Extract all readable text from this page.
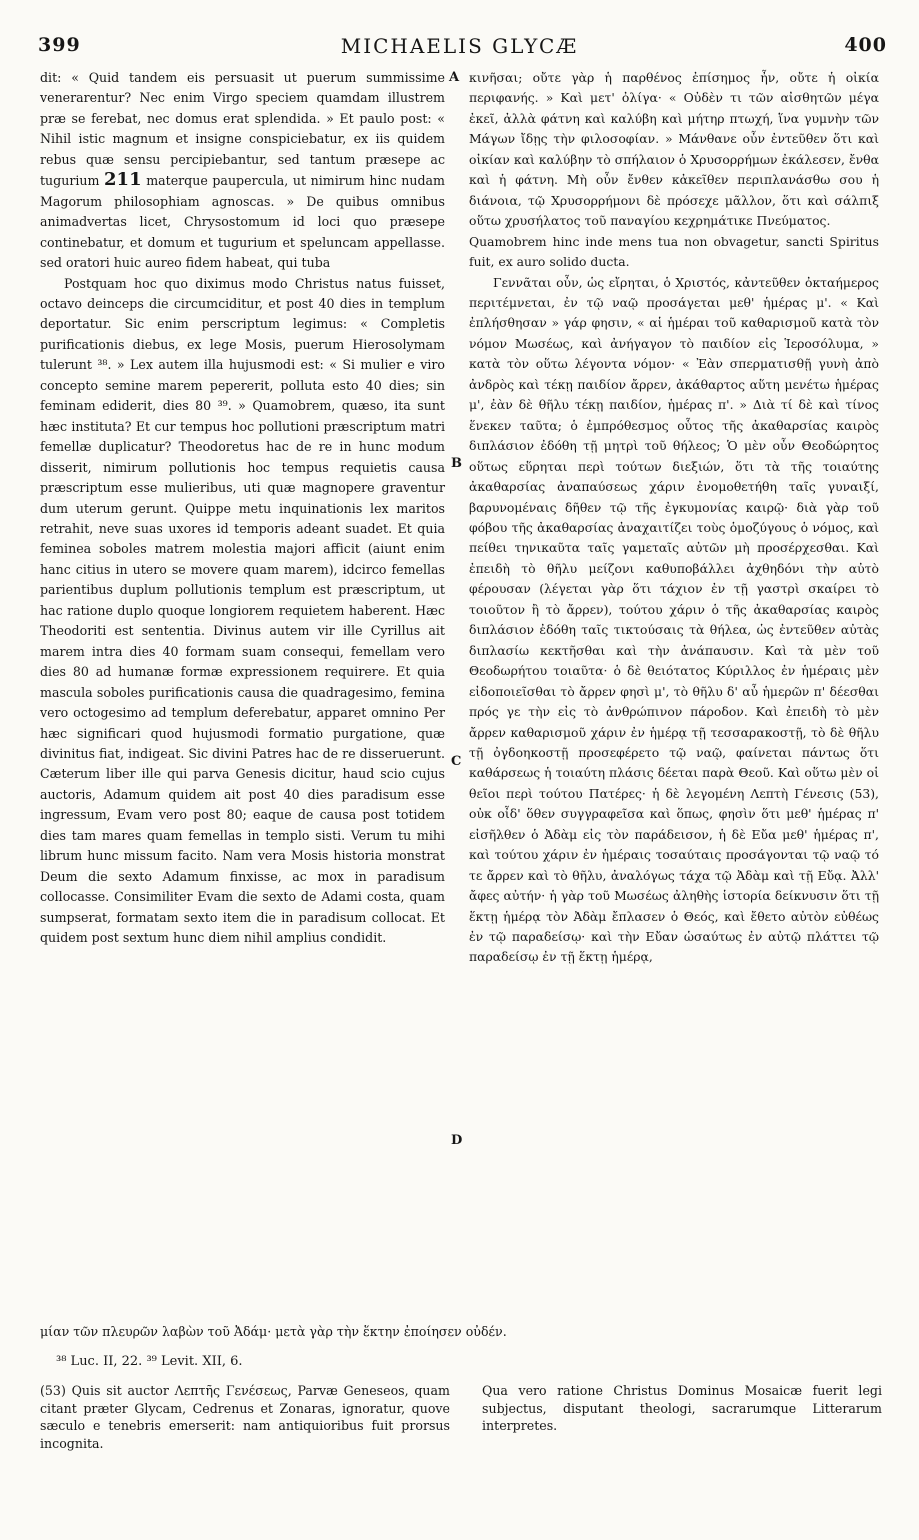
399	MICHAELIS GLYCÆ	400
A
B
C
D

dit: « Quid tandem eis persuasit ut puerum summissime venerarentur? Nec enim Virgo speciem quamdam illustrem præ se ferebat, nec domus erat splendida. » Et paulo post: « Nihil istic magnum et insigne conspiciebatur, ex iis quidem rebus quæ sensu percipiebantur, sed tantum præsepe ac tugurium 211 materque paupercula, ut nimirum hinc nudam Magorum philosophiam agnoscas. » De quibus omnibus animadvertas licet, Chrysostomum id loci quo præsepe continebatur, et domum et tugurium et speluncam appellasse. sed oratori huic aureo fidem habeat, qui tuba

Postquam hoc quo diximus modo Christus natus fuisset, octavo deinceps die circumciditur, et post 40 dies in templum deportatur. Sic enim perscriptum legimus: « Completis purificationis diebus, ex lege Mosis, puerum Hierosolymam tulerunt ³⁸. » Lex autem illa hujusmodi est: « Si mulier e viro concepto semine marem pepererit, polluta esto 40 dies; sin feminam ediderit, dies 80 ³⁹. » Quamobrem, quæso, ita sunt hæc instituta? Et cur tempus hoc pollutioni præscriptum matri femellæ duplicatur? Theodoretus hac de re in hunc modum disserit, nimirum pollutionis hoc tempus requietis causa præscriptum esse mulieribus, uti quæ magnopere graventur dum uterum gerunt. Quippe metu inquinationis lex maritos retrahit, neve suas uxores id temporis adeant suadet. Et quia feminea soboles matrem molestia majori afficit (aiunt enim hanc citius in utero se movere quam marem), idcirco femellas parientibus duplum pollutionis templum est præscriptum, ut hac ratione duplo quoque longiorem requietem haberent. Hæc Theodoriti est sententia. Divinus autem vir ille Cyrillus ait marem intra dies 40 formam suam consequi, femellam vero dies 80 ad humanæ formæ expressionem requirere. Et quia mascula soboles purificationis causa die quadragesimo, femina vero octogesimo ad templum deferebatur, apparet omnino Per hæc significari quod hujusmodi formatio purgatione, quæ divinitus fiat, indigeat. Sic divini Patres hac de re disseruerunt. Cæterum liber ille qui parva Genesis dicitur, haud scio cujus auctoris, Adamum quidem ait post 40 dies paradisum esse ingressum, Evam vero post 80; eaque de causa post totidem dies tam mares quam femellas in templo sisti. Verum tu mihi librum hunc missum facito. Nam vera Mosis historia monstrat Deum die sexto Adamum finxisse, ac mox in paradisum collocasse. Consimiliter Evam die sexto de Adami costa, quam sumpserat, formatam sexto item die in paradisum collocat. Et quidem post sextum hunc diem nihil amplius condidit.

κινῆσαι; οὔτε γὰρ ἡ παρθένος ἐπίσημος ἦν, οὔτε ἡ οἰκία περιφανής. » Καὶ μετ' ὀλίγα· « Οὐδὲν τι τῶν αἰσθητῶν μέγα ἐκεῖ, ἀλλὰ φάτνη καὶ καλύβη καὶ μήτηρ πτωχή, ἵνα γυμνὴν τῶν Μάγων ἴδῃς τὴν φιλοσοφίαν. » Μάνθανε οὖν ἐντεῦθεν ὅτι καὶ οἰκίαν καὶ καλύβην τὸ σπήλαιον ὁ Χρυσορρήμων ἐκάλεσεν, ἔνθα καὶ ἡ φάτνη. Μὴ οὖν ἔνθεν κἀκεῖθεν περιπλανάσθω σου ἡ διάνοια, τῷ Χρυσορρήμονι δὲ πρόσεχε μᾶλλον, ὅτι καὶ σάλπιξ οὕτω χρυσήλατος τοῦ παναγίου κεχρημάτικε Πνεύματος.

Quamobrem hinc inde mens tua non obvagetur, sancti Spiritus fuit, ex auro solido ducta.

Γεννᾶται οὖν, ὡς εἴρηται, ὁ Χριστός, κἀντεῦθεν ὀκταήμερος περιτέμνεται, ἐν τῷ ναῷ προσάγεται μεθ' ἡμέρας μ'. « Καὶ ἐπλήσθησαν » γάρ φησιν, « αἱ ἡμέραι τοῦ καθαρισμοῦ κατὰ τὸν νόμον Μωσέως, καὶ ἀνήγαγον τὸ παιδίον εἰς Ἱεροσόλυμα, » κατὰ τὸν οὕτω λέγοντα νόμον· « Ἐὰν σπερματισθῇ γυνὴ ἀπὸ ἀνδρὸς καὶ τέκῃ παιδίον ἄρρεν, ἀκάθαρτος αὕτη μενέτω ἡμέρας μ', ἐὰν δὲ θῆλυ τέκῃ παιδίον, ἡμέρας π'. » Διὰ τί δὲ καὶ τίνος ἕνεκεν ταῦτα; ὁ ἐμπρόθεσμος οὗτος τῆς ἀκαθαρσίας καιρὸς διπλάσιον ἐδόθη τῇ μητρὶ τοῦ θήλεος; Ὁ μὲν οὖν Θεοδώρητος οὕτως εὕρηται περὶ τούτων διεξιών, ὅτι τὰ τῆς τοιαύτης ἀκαθαρσίας ἀναπαύσεως χάριν ἐνομοθετήθη ταῖς γυναιξί, βαρυνομέναις δῆθεν τῷ τῆς ἐγκυμονίας καιρῷ· διὰ γὰρ τοῦ φόβου τῆς ἀκαθαρσίας ἀναχαιτίζει τοὺς ὁμοζύγους ὁ νόμος, καὶ πείθει τηνικαῦτα ταῖς γαμεταῖς αὐτῶν μὴ προσέρχεσθαι. Καὶ ἐπειδὴ τὸ θῆλυ μείζονι καθυποβάλλει ἀχθηδόνι τὴν αὐτὸ φέρουσαν (λέγεται γὰρ ὅτι τάχιον ἐν τῇ γαστρὶ σκαίρει τὸ τοιοῦτον ἢ τὸ ἄρρεν), τούτου χάριν ὁ τῆς ἀκαθαρσίας καιρὸς διπλάσιον ἐδόθη ταῖς τικτούσαις τὰ θήλεα, ὡς ἐντεῦθεν αὐτὰς διπλασίω κεκτῆσθαι καὶ τὴν ἀνάπαυσιν. Καὶ τὰ μὲν τοῦ Θεοδωρήτου τοιαῦτα· ὁ δὲ θειότατος Κύριλλος ἐν ἡμέραις μὲν εἰδοποιεῖσθαι τὸ ἄρρεν φησὶ μ', τὸ θῆλυ δ' αὖ ἡμερῶν π' δέεσθαι πρός γε τὴν εἰς τὸ ἀνθρώπινον πάροδον. Καὶ ἐπειδὴ τὸ μὲν ἄρρεν καθαρισμοῦ χάριν ἐν ἡμέρᾳ τῇ τεσσαρακοστῇ, τὸ δὲ θῆλυ τῇ ὀγδοηκοστῇ προσεφέρετο τῷ ναῷ, φαίνεται πάντως ὅτι καθάρσεως ἡ τοιαύτη πλάσις δέεται παρὰ Θεοῦ. Καὶ οὕτω μὲν οἱ θεῖοι περὶ τούτου Πατέρες· ἡ δὲ λεγομένη Λεπτὴ Γένεσις (53), οὐκ οἶδ' ὅθεν συγγραφεῖσα καὶ ὅπως, φησὶν ὅτι μεθ' ἡμέρας π' εἰσῆλθεν ὁ Ἀδὰμ εἰς τὸν παράδεισον, ἡ δὲ Εὔα μεθ' ἡμέρας π', καὶ τούτου χάριν ἐν ἡμέραις τοσαύταις προσάγονται τῷ ναῷ τό τε ἄρρεν καὶ τὸ θῆλυ, ἀναλόγως τάχα τῷ Ἀδὰμ καὶ τῇ Εὔᾳ. Ἀλλ' ἄφες αὐτήν· ἡ γὰρ τοῦ Μωσέως ἀληθὴς ἱστορία δείκνυσιν ὅτι τῇ ἕκτῃ ἡμέρᾳ τὸν Ἀδὰμ ἔπλασεν ὁ Θεός, καὶ ἔθετο αὐτὸν εὐθέως ἐν τῷ παραδείσῳ· καὶ τὴν Εὔαν ὡσαύτως ἐν αὐτῷ πλάττει τῷ παραδείσῳ ἐν τῇ ἕκτῃ ἡμέρᾳ,

μίαν τῶν πλευρῶν λαβὼν τοῦ Ἀδάμ· μετὰ γὰρ τὴν ἕκτην ἐποίησεν οὐδέν.
³⁸ Luc. II, 22. ³⁹ Levit. XII, 6.

(53) Quis sit auctor Λεπτῆς Γενέσεως, Parvæ Geneseos, quam citant præter Glycam, Cedrenus et Zonaras, ignoratur, quove sæculo e tenebris emerserit: nam antiquioribus fuit prorsus incognita.

Qua vero ratione Christus Dominus Mosaicæ fuerit legi subjectus, disputant theologi, sacrarumque Litterarum interpretes.
